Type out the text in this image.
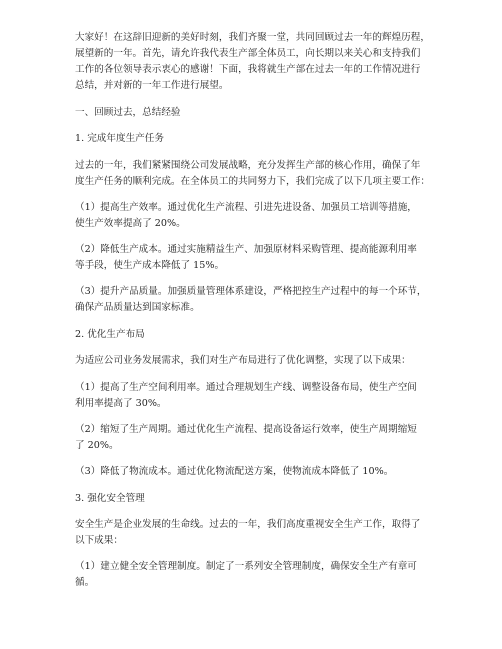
大家好！在这辞旧迎新的美好时刻，我们齐聚一堂，共同回顾过去一年的辉煌历程，
展望新的一年。首先，请允许我代表生产部全体员工，向长期以来关心和支持我们
工作的各位领导表示衷心的感谢！下面，我将就生产部在过去一年的工作情况进行
总结，并对新的一年工作进行展望。
一、回顾过去，总结经验
1. 完成年度生产任务
过去的一年，我们紧紧围绕公司发展战略，充分发挥生产部的核心作用，确保了年
度生产任务的顺利完成。在全体员工的共同努力下，我们完成了以下几项主要工作：
（1）提高生产效率。通过优化生产流程、引进先进设备、加强员工培训等措施，
使生产效率提高了 20%。
（2）降低生产成本。通过实施精益生产、加强原材料采购管理、提高能源利用率
等手段，使生产成本降低了 15%。
（3）提升产品质量。加强质量管理体系建设，严格把控生产过程中的每一个环节，
确保产品质量达到国家标准。
2. 优化生产布局
为适应公司业务发展需求，我们对生产布局进行了优化调整，实现了以下成果：
（1）提高了生产空间利用率。通过合理规划生产线、调整设备布局，使生产空间
利用率提高了 30%。
（2）缩短了生产周期。通过优化生产流程、提高设备运行效率，使生产周期缩短
了 20%。
（3）降低了物流成本。通过优化物流配送方案，使物流成本降低了 10%。
3. 强化安全管理
安全生产是企业发展的生命线。过去的一年，我们高度重视安全生产工作，取得了
以下成果：
（1）建立健全安全管理制度。制定了一系列安全管理制度，确保安全生产有章可
循。
